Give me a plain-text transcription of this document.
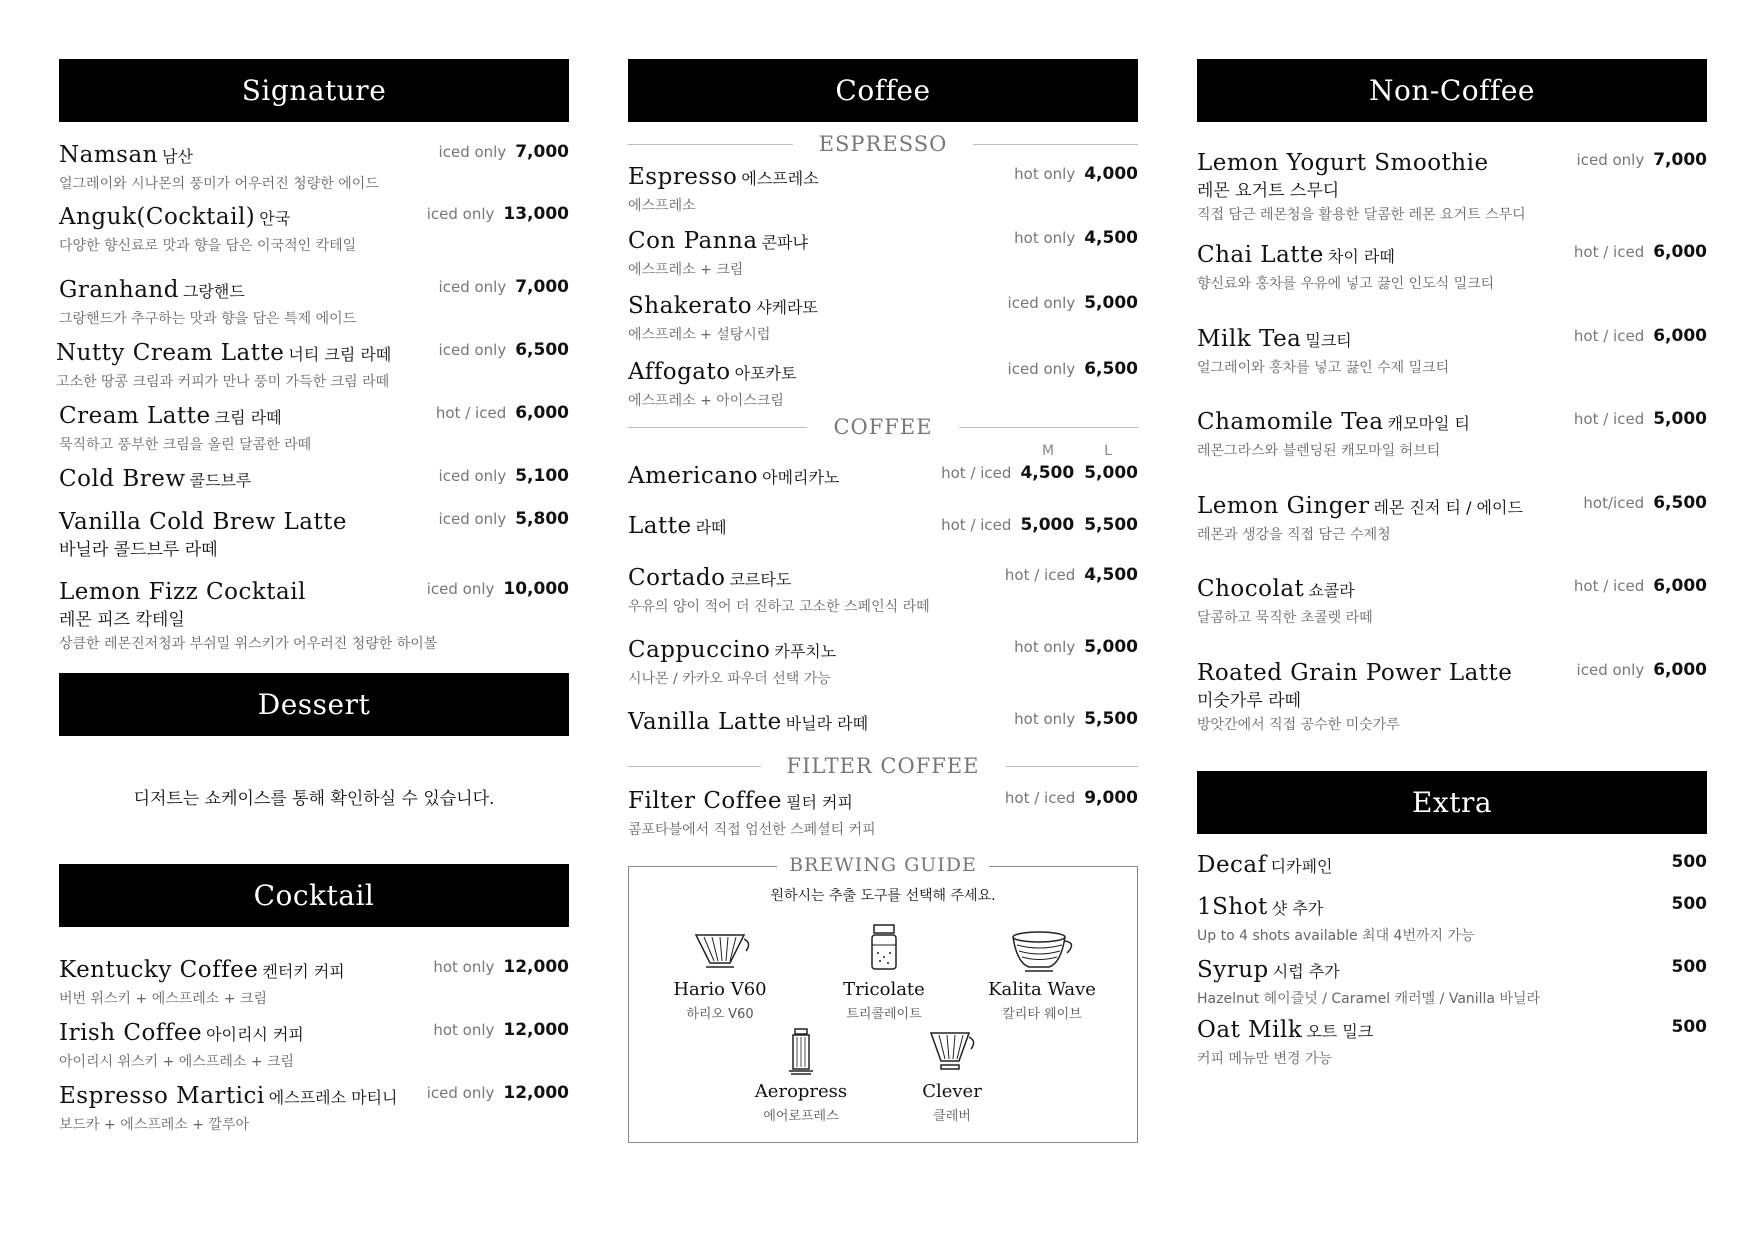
Signature
Namsan 남산
얼그레이와 시나몬의 풍미가 어우러진 청량한 에이드
iced only 7,000
Anguk(Cocktail) 안국
다양한 향신료로 맛과 향을 담은 이국적인 칵테일
iced only 13,000
Granhand 그랑핸드
그랑핸드가 추구하는 맛과 향을 담은 특제 에이드
iced only 7,000
Nutty Cream Latte 너티 크림 라떼
고소한 땅콩 크림과 커피가 만나 풍미 가득한 크림 라떼
iced only 6,500
Cream Latte 크림 라떼
묵직하고 풍부한 크림을 올린 달콤한 라떼
hot / iced 6,000
Cold Brew 콜드브루	iced only 5,100
Vanilla Cold Brew Latte
바닐라 콜드브루 라떼
iced only 5,800
Lemon Fizz Cocktail
레몬 피즈 칵테일
상큼한 레몬진저청과 부쉬밀 위스키가 어우러진 청량한 하이볼
iced only 10,000
Dessert
디저트는 쇼케이스를 통해 확인하실 수 있습니다.
Cocktail
Kentucky Coffee 켄터키 커피
버번 위스키 + 에스프레소 + 크림
hot only 12,000
Irish Coffee 아이리시 커피
아이리시 위스키 + 에스프레소 + 크림
hot only 12,000
Espresso Martici 에스프레소 마티니
보드카 + 에스프레소 + 깔루아
iced only 12,000
Coffee
ESPRESSO
Espresso 에스프레소
에스프레소
hot only 4,000
Con Panna 콘파냐
에스프레소 + 크림
hot only 4,500
Shakerato 샤케라또
에스프레소 + 설탕시럽
iced only 5,000
Affogato 아포카토
에스프레소 + 아이스크림
iced only 6,500
COFFEE
M	L
Americano 아메리카노	hot / iced 4,500 5,000
Latte 라떼	hot / iced 5,000 5,500
Cortado 코르타도
우유의 양이 적어 더 진하고 고소한 스페인식 라떼
hot / iced 4,500
Cappuccino 카푸치노
시나몬 / 카카오 파우더 선택 가능
hot only 5,000
Vanilla Latte 바닐라 라떼	hot only 5,500
FILTER COFFEE
Filter Coffee 필터 커피
콤포타블에서 직접 엄선한 스페셜티 커피
hot / iced 9,000
BREWING GUIDE
원하시는 추출 도구를 선택해 주세요.
Hario V60
하리오 V60
Tricolate
트리콜레이트
Kalita Wave
칼리타 웨이브
Aeropress
에어로프레스
Clever
클레버
Non-Coffee
Lemon Yogurt Smoothie
레몬 요거트 스무디
직접 담근 레몬청을 활용한 달콤한 레몬 요거트 스무디
iced only 7,000
Chai Latte 차이 라떼
향신료와 홍차를 우유에 넣고 끓인 인도식 밀크티
hot / iced 6,000
Milk Tea 밀크티
얼그레이와 홍차를 넣고 끓인 수제 밀크티
hot / iced 6,000
Chamomile Tea 캐모마일 티
레몬그라스와 블렌딩된 캐모마일 허브티
hot / iced 5,000
Lemon Ginger 레몬 진저 티 / 에이드
레몬과 생강을 직접 담근 수제청
hot/iced 6,500
Chocolat 쇼콜라
달콤하고 묵직한 초콜렛 라떼
hot / iced 6,000
Roated Grain Power Latte
미숫가루 라떼
방앗간에서 직접 공수한 미숫가루
iced only 6,000
Extra
Decaf 디카페인	500
1Shot 샷 추가
Up to 4 shots available 최대 4번까지 가능
500
Syrup 시럽 추가
Hazelnut 헤이즐넛 / Caramel 캐러멜 / Vanilla 바닐라
500
Oat Milk 오트 밀크
커피 메뉴만 변경 가능
500
